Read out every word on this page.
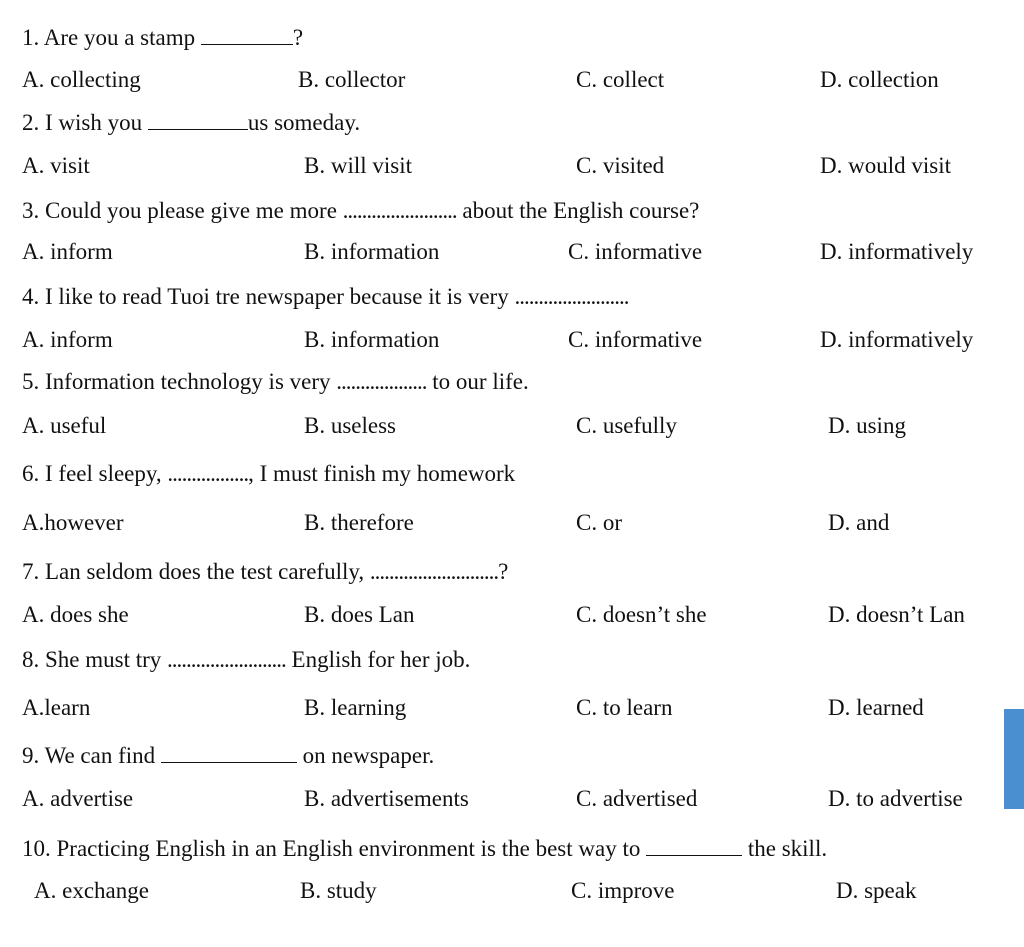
1. Are you a stamp	?
A. collecting	B. collector	C. collect	D. collection
2. I wish you	us someday.
A. visit	B. will visit	C. visited	D. would visit
3. Could you please give me more ........................ about the English course?
A. inform	B. information	C. informative	D. informatively
4. I like to read Tuoi tre newspaper because it is very ........................
A. inform	B. information	C. informative	D. informatively
5. Information technology is very ................... to our life.
A. useful	B. useless	C. usefully	D. using
6. I feel sleepy, ................., I must finish my homework
A.however	B. therefore	C. or	D. and
7. Lan seldom does the test carefully, ...........................?
A. does she	B. does Lan	C. doesn’t she	D. doesn’t Lan
8. She must try ......................... English for her job.
A.learn	B. learning	C. to learn	D. learned
9. We can find	on newspaper.
A. advertise	B. advertisements	C. advertised	D. to advertise
10. Practicing English in an English environment is the best way to	the skill.
A. exchange	B. study	C. improve	D. speak
